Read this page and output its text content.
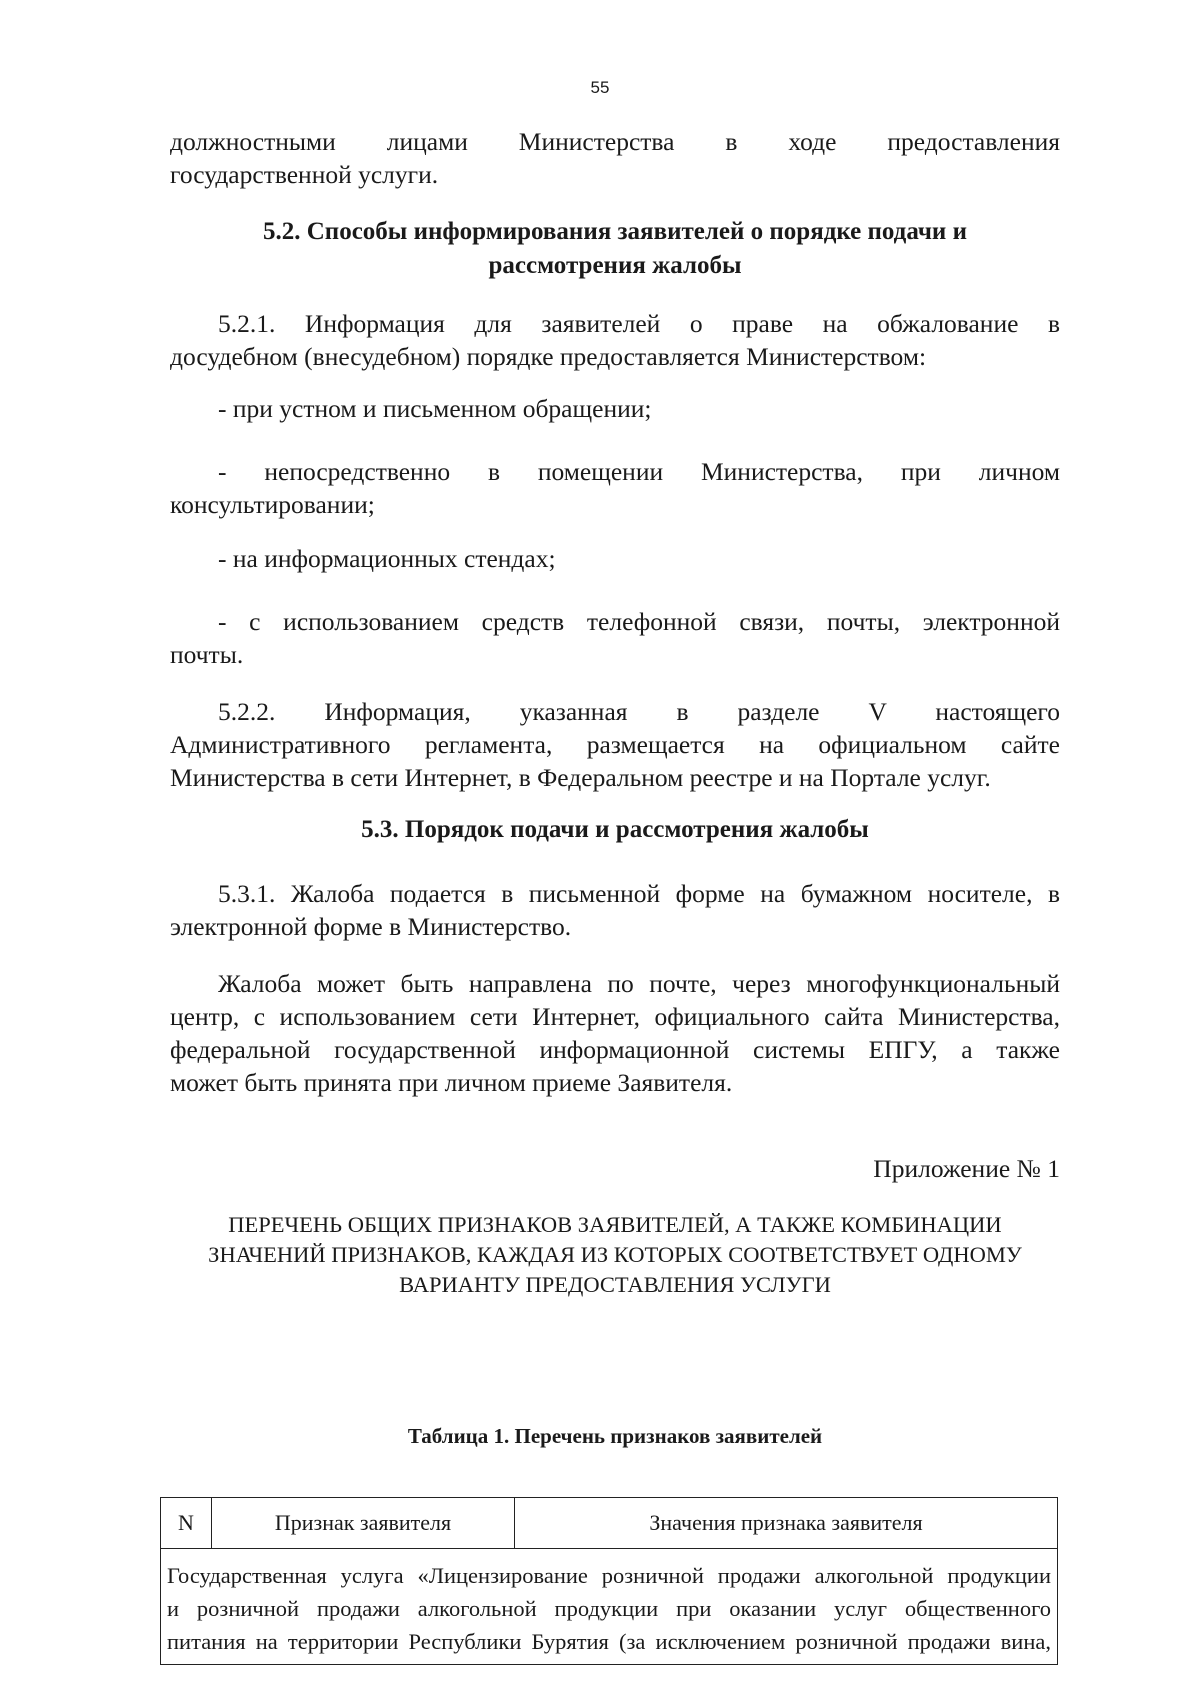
55
должностными лицами Министерства в ходе предоставления
государственной услуги.
5.2. Способы информирования заявителей о порядке подачи и
рассмотрения жалобы
5.2.1. Информация для заявителей о праве на обжалование в
досудебном (внесудебном) порядке предоставляется Министерством:
- при устном и письменном обращении;
- непосредственно в помещении Министерства, при личном
консультировании;
- на информационных стендах;
- с использованием средств телефонной связи, почты, электронной
почты.
5.2.2. Информация, указанная в разделе V настоящего
Административного регламента, размещается на официальном сайте
Министерства в сети Интернет, в Федеральном реестре и на Портале услуг.
5.3. Порядок подачи и рассмотрения жалобы
5.3.1. Жалоба подается в письменной форме на бумажном носителе, в
электронной форме в Министерство.
Жалоба может быть направлена по почте, через многофункциональный
центр, с использованием сети Интернет, официального сайта Министерства,
федеральной государственной информационной системы ЕПГУ, а также
может быть принята при личном приеме Заявителя.
Приложение № 1
ПЕРЕЧЕНЬ ОБЩИХ ПРИЗНАКОВ ЗАЯВИТЕЛЕЙ, А ТАКЖЕ КОМБИНАЦИИ
ЗНАЧЕНИЙ ПРИЗНАКОВ, КАЖДАЯ ИЗ КОТОРЫХ СООТВЕТСТВУЕТ ОДНОМУ
ВАРИАНТУ ПРЕДОСТАВЛЕНИЯ УСЛУГИ
Таблица 1. Перечень признаков заявителей
N	Признак заявителя	Значения признака заявителя

Государственная услуга «Лицензирование розничной продажи алкогольной продукции
и розничной продажи алкогольной продукции при оказании услуг общественного
питания на территории Республики Бурятия (за исключением розничной продажи вина,
